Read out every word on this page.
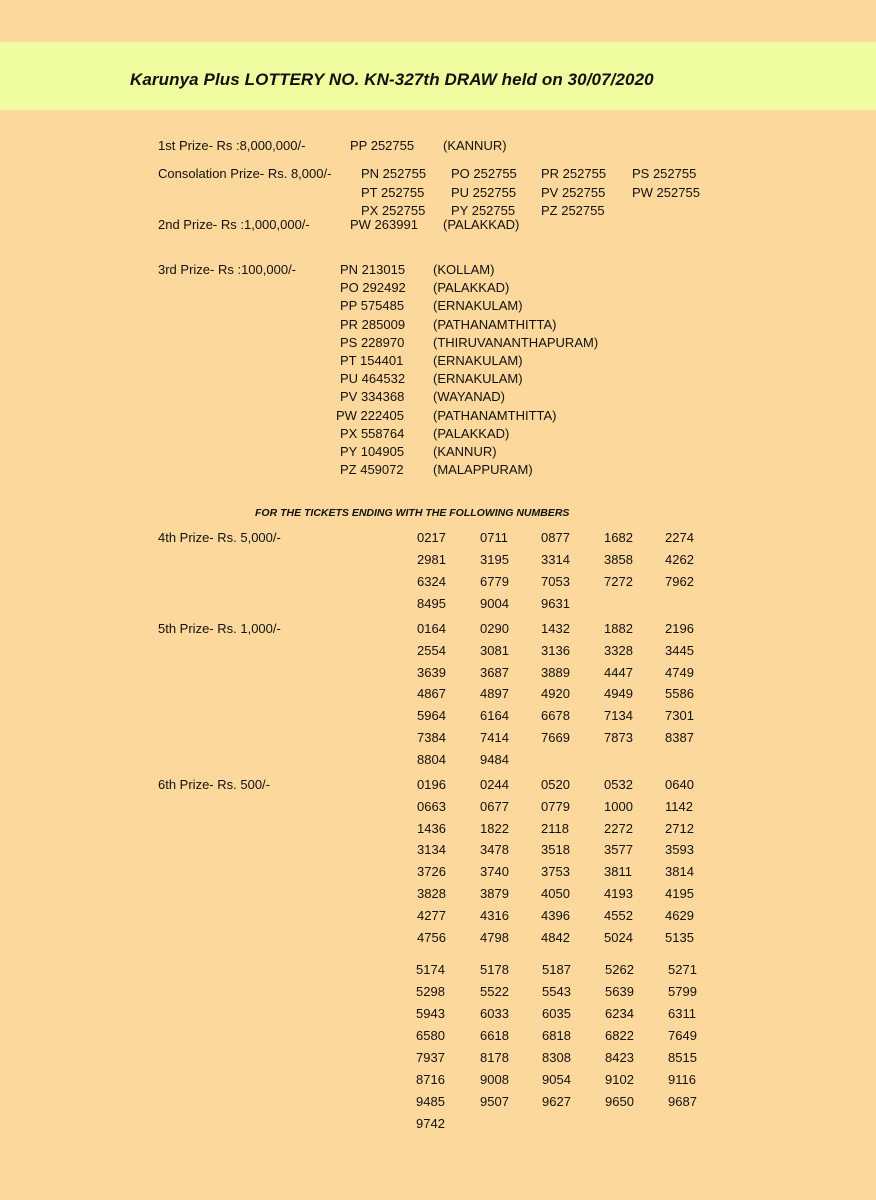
Karunya Plus LOTTERY NO. KN-327th DRAW held on 30/07/2020
1st Prize- Rs :8,000,000/-	PP 252755 (KANNUR)
Consolation Prize- Rs. 8,000/- PN 252755 PO 252755 PR 252755 PS 252755
PT 252755 PU 252755 PV 252755 PW 252755
PX 252755 PY 252755 PZ 252755
2nd Prize- Rs :1,000,000/-	PW 263991 (PALAKKAD)
3rd Prize- Rs :100,000/-	PN 213015 (KOLLAM)
PO 292492 (PALAKKAD)
PP 575485 (ERNAKULAM)
PR 285009 (PATHANAMTHITTA)
PS 228970 (THIRUVANANTHAPURAM)
PT 154401 (ERNAKULAM)
PU 464532 (ERNAKULAM)
PV 334368 (WAYANAD)
PW 222405 (PATHANAMTHITTA)
PX 558764 (PALAKKAD)
PY 104905 (KANNUR)
PZ 459072 (MALAPPURAM)
FOR THE TICKETS ENDING WITH THE FOLLOWING NUMBERS
4th Prize- Rs. 5,000/-
5th Prize- Rs. 1,000/-
6th Prize- Rs. 500/-
0217	0711	0877	1682 2274
2981	3195 3314	3858 4262
6324	6779 7053	7272 7962
8495	9004 9631
0164	0290 1432	1882 2196
2554	3081 3136	3328 3445
3639	3687 3889	4447 4749
4867	4897 4920	4949 5586
5964	6164 6678	7134 7301
7384	7414 7669	7873 8387
8804	9484
0196	0244 0520	0532 0640
0663	0677 0779	1000 1142
1436	1822 2118	2272 2712
3134	3478 3518	3577 3593
3726	3740 3753	3811	3814
3828	3879 4050	4193 4195
4277	4316 4396	4552 4629
4756	4798 4842	5024 5135
5174	5178	5187	5262	5271
5298	5522	5543	5639	5799
5943	6033	6035	6234	6311
6580	6618	6818	6822	7649
7937	8178	8308	8423	8515
8716	9008	9054	9102	9116
9485	9507	9627	9650	9687
9742
